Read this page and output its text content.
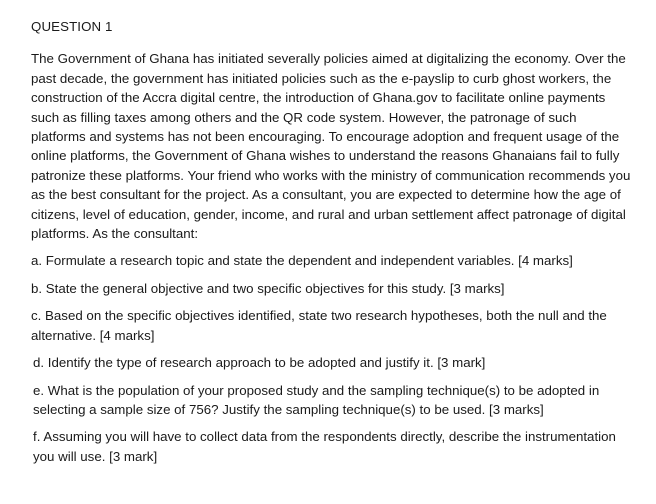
QUESTION 1

The Government of Ghana has initiated severally policies aimed at digitalizing the economy. Over the past decade, the government has initiated policies such as the e-payslip to curb ghost workers, the construction of the Accra digital centre, the introduction of Ghana.gov to facilitate online payments such as filling taxes among others and the QR code system. However, the patronage of such platforms and systems has not been encouraging. To encourage adoption and frequent usage of the online platforms, the Government of Ghana wishes to understand the reasons Ghanaians fail to fully patronize these platforms. Your friend who works with the ministry of communication recommends you as the best consultant for the project. As a consultant, you are expected to determine how the age of citizens, level of education, gender, income, and rural and urban settlement affect patronage of digital platforms. As the consultant:

a. Formulate a research topic and state the dependent and independent variables. [4 marks]

b. State the general objective and two specific objectives for this study. [3 marks]

c. Based on the specific objectives identified, state two research hypotheses, both the null and the alternative. [4 marks]

d. Identify the type of research approach to be adopted and justify it. [3 mark]

e. What is the population of your proposed study and the sampling technique(s) to be adopted in selecting a sample size of 756? Justify the sampling technique(s) to be used. [3 marks]

f. Assuming you will have to collect data from the respondents directly, describe the instrumentation you will use. [3 mark]
